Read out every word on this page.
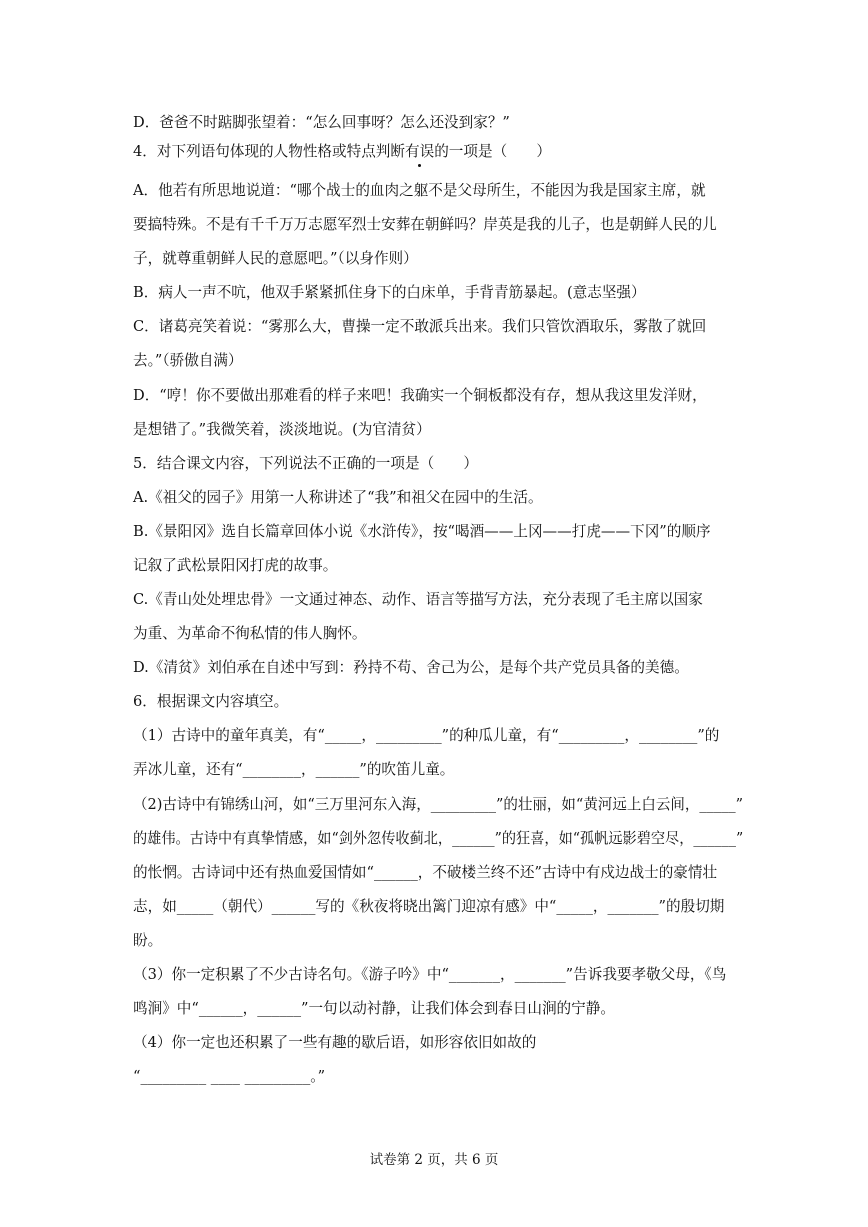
D．爸爸不时踮脚张望着：“怎么回事呀？怎么还没到家？”
4．对下列语句体现的人物性格或特点判断有误的一项是（　　）
A．他若有所思地说道：“哪个战士的血肉之躯不是父母所生，不能因为我是国家主席，就
要搞特殊。不是有千千万万志愿军烈士安葬在朝鲜吗？岸英是我的儿子，也是朝鲜人民的儿
子，就尊重朝鲜人民的意愿吧。”（以身作则）
B．病人一声不吭，他双手紧紧抓住身下的白床单，手背青筋暴起。(意志坚强）
C．诸葛亮笑着说：“雾那么大，曹操一定不敢派兵出来。我们只管饮酒取乐，雾散了就回
去。”（骄傲自满）
D．“哼！你不要做出那难看的样子来吧！我确实一个铜板都没有存，想从我这里发洋财，
是想错了。”我微笑着，淡淡地说。(为官清贫）
5．结合课文内容，下列说法不正确的一项是（　　）
A.《祖父的园子》用第一人称讲述了“我”和祖父在园中的生活。
B.《景阳冈》选自长篇章回体小说《水浒传》，按“喝酒——上冈——打虎——下冈”的顺序
记叙了武松景阳冈打虎的故事。
C.《青山处处埋忠骨》一文通过神态、动作、语言等描写方法，充分表现了毛主席以国家
为重、为革命不徇私情的伟人胸怀。
D.《清贫》刘伯承在自述中写到：矜持不苟、舍己为公，是每个共产党员具备的美德。
6．根据课文内容填空。
（1）古诗中的童年真美，有“_____，_________”的种瓜儿童，有“_________，________”的
弄冰儿童，还有“________，______”的吹笛儿童。
（2)古诗中有锦绣山河，如“三万里河东入海，_________”的壮丽，如“黄河远上白云间，_____”
的雄伟。古诗中有真挚情感，如“剑外忽传收蓟北，______”的狂喜，如“孤帆远影碧空尽，______”
的怅惘。古诗词中还有热血爱国情如“______，不破楼兰终不还”古诗中有戍边战士的豪情壮
志，如_____（朝代）______写的《秋夜将晓出篱门迎凉有感》中“_____，_______”的殷切期
盼。
（3）你一定积累了不少古诗名句。《游子吟》中“_______，_______”告诉我要孝敬父母，《鸟
鸣涧》中“______，______”一句以动衬静，让我们体会到春日山涧的宁静。
（4）你一定也还积累了一些有趣的歇后语，如形容依旧如故的
“_________ ____ _________。”
试卷第 2 页，共 6 页
